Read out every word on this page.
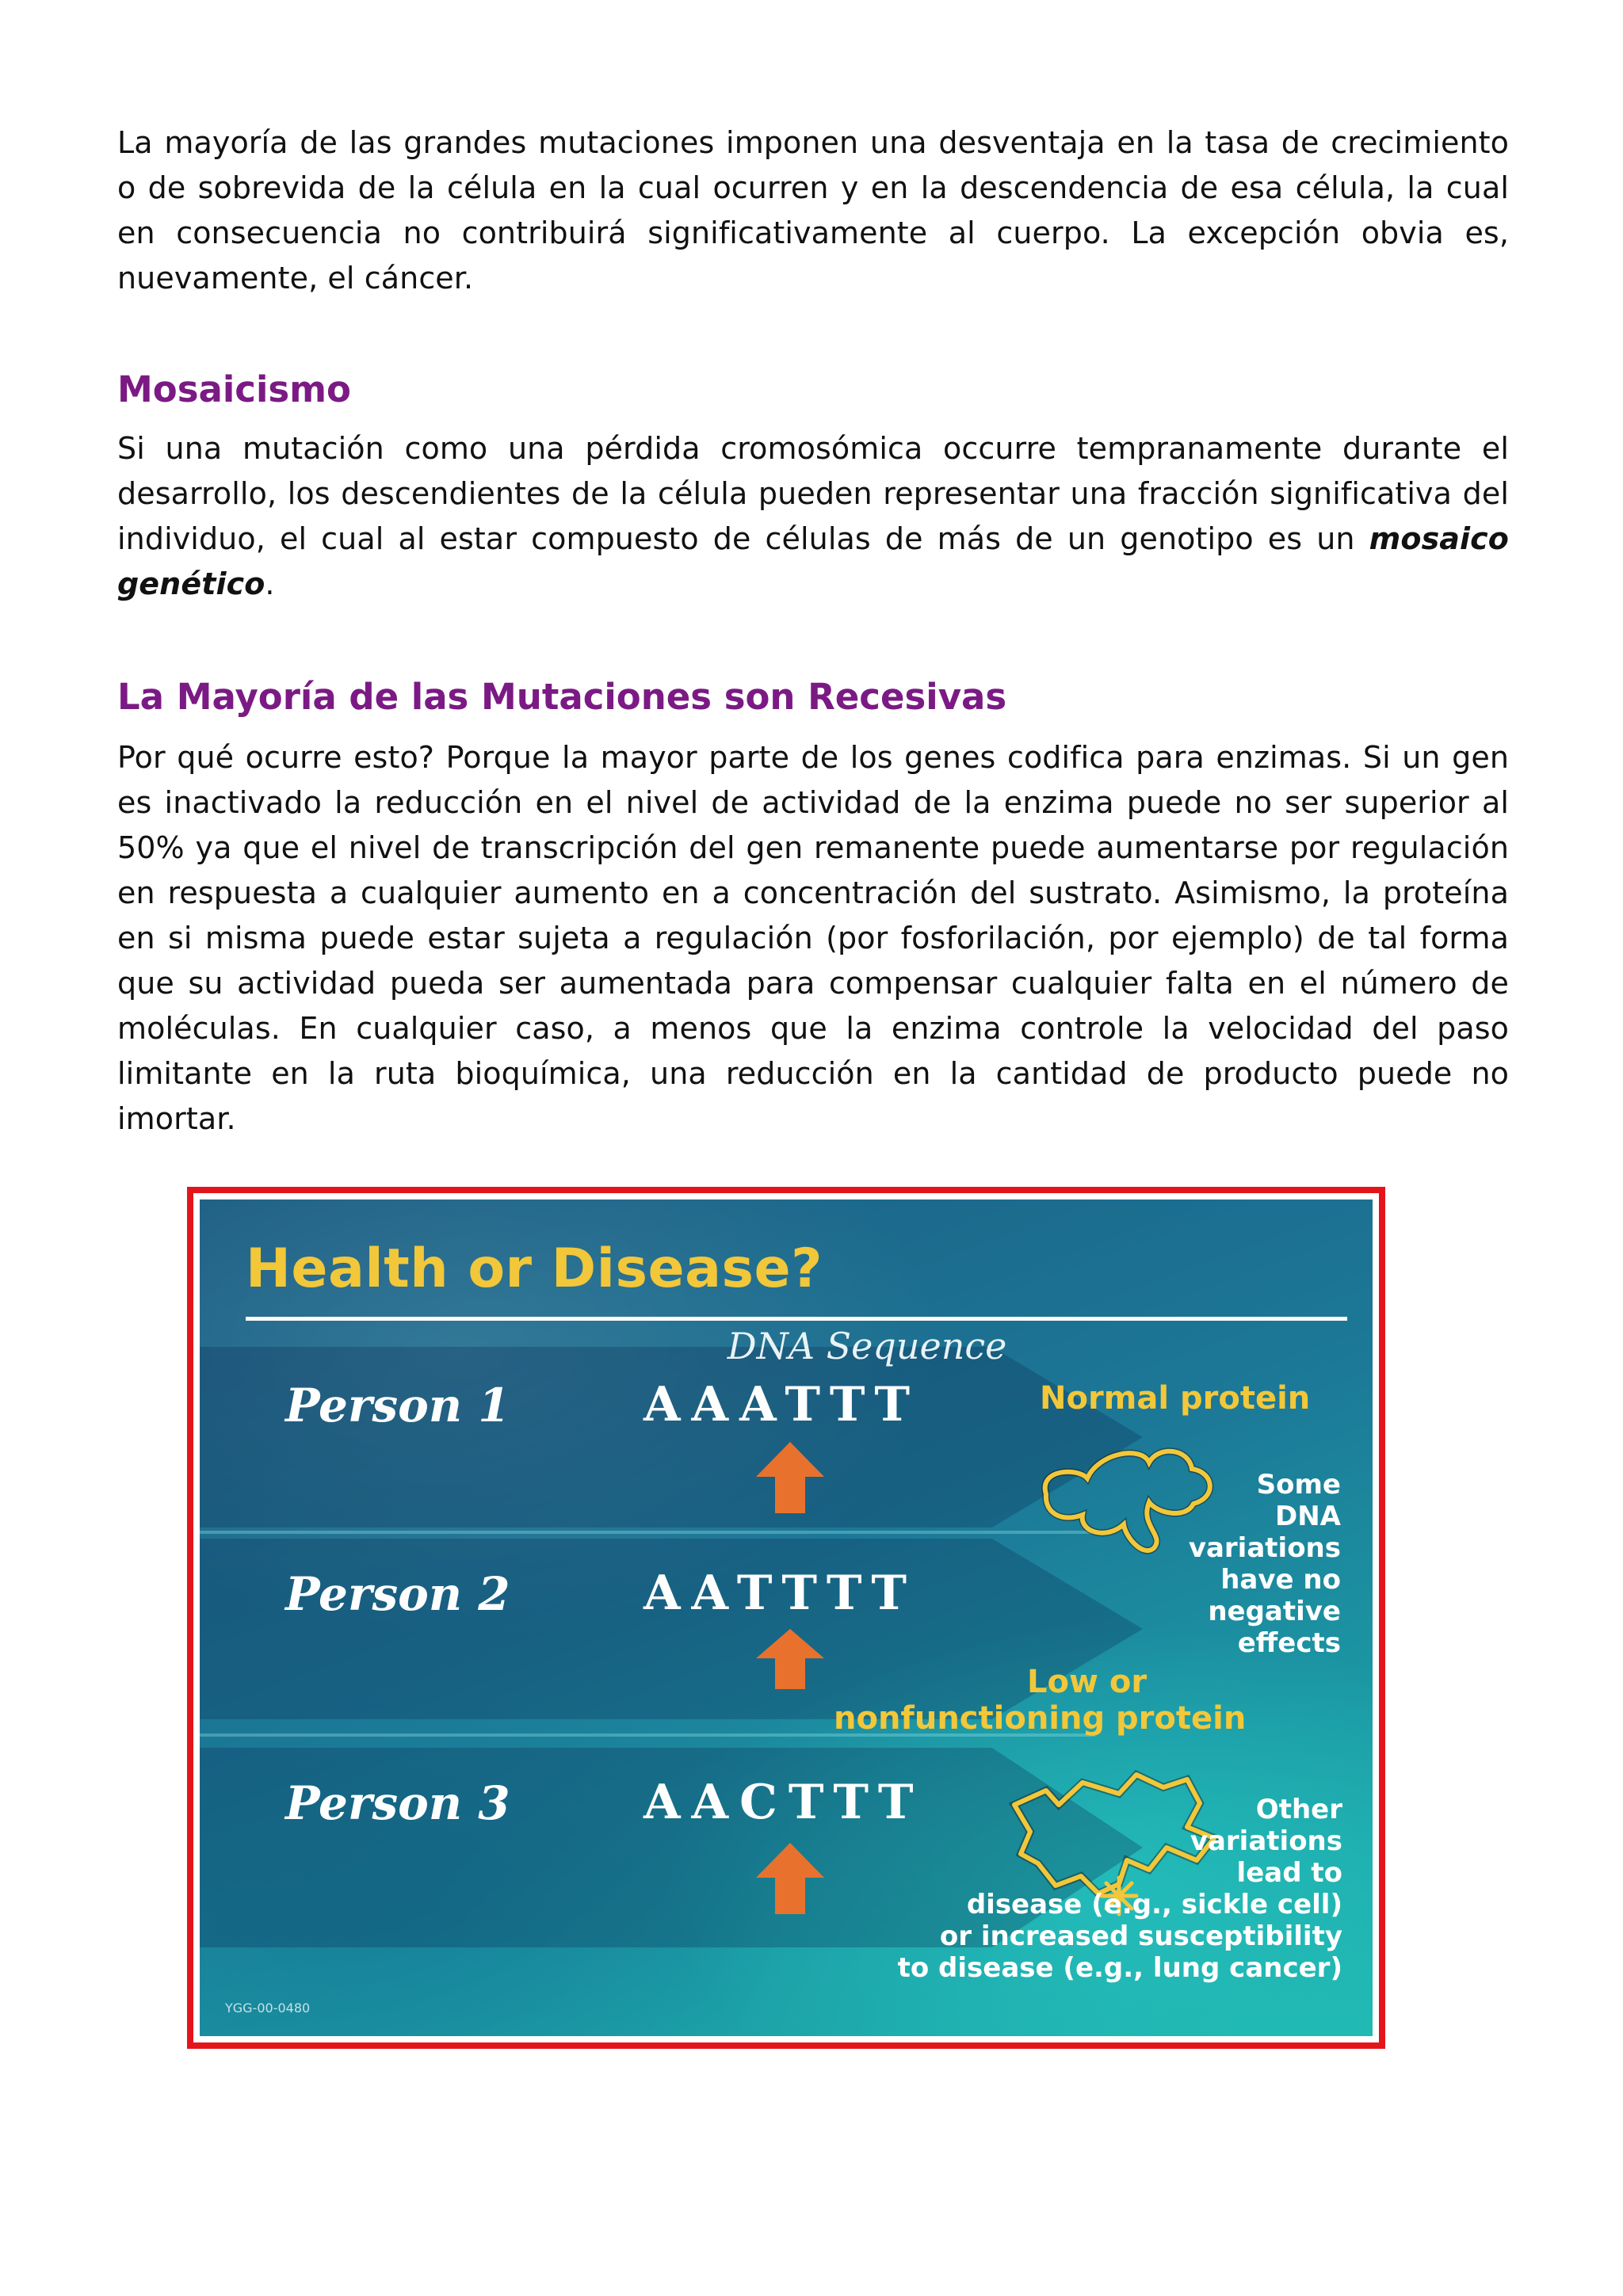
La mayoría de las grandes mutaciones imponen una desventaja en la tasa de crecimiento o de sobrevida de la célula en la cual ocurren y en la descendencia de esa célula, la cual en consecuencia no contribuirá significativamente al cuerpo. La excepción obvia es, nuevamente, el cáncer.

Mosaicismo

Si una mutación como una pérdida cromosómica occurre tempranamente durante el desarrollo, los descendientes de la célula pueden representar una fracción significativa del individuo, el cual al estar compuesto de células de más de un genotipo es un mosaico genético.

La Mayoría de las Mutaciones son Recesivas

Por qué ocurre esto? Porque la mayor parte de los genes codifica para enzimas. Si un gen es inactivado la reducción en el nivel de actividad de la enzima puede no ser superior al 50% ya que el nivel de transcripción del gen remanente puede aumentarse por regulación en respuesta a cualquier aumento en a concentración del sustrato. Asimismo, la proteína en si misma puede estar sujeta a regulación (por fosforilación, por ejemplo) de tal forma que su actividad pueda ser aumentada para compensar cualquier falta en el número de moléculas. En cualquier caso, a menos que la enzima controle la velocidad del paso limitante en la ruta bioquímica, una reducción en la cantidad de producto puede no imortar.

Health or Disease?
DNA Sequence
Person 1	AAATTT
Person 2	AATTTT
Person 3	AACTTT
Normal protein
Some
DNA
variations
have no
negative
effects
Low or
nonfunctioning protein
Other
variations
lead to
disease (e.g., sickle cell)
or increased susceptibility
to disease (e.g., lung cancer)
YGG-00-0480
